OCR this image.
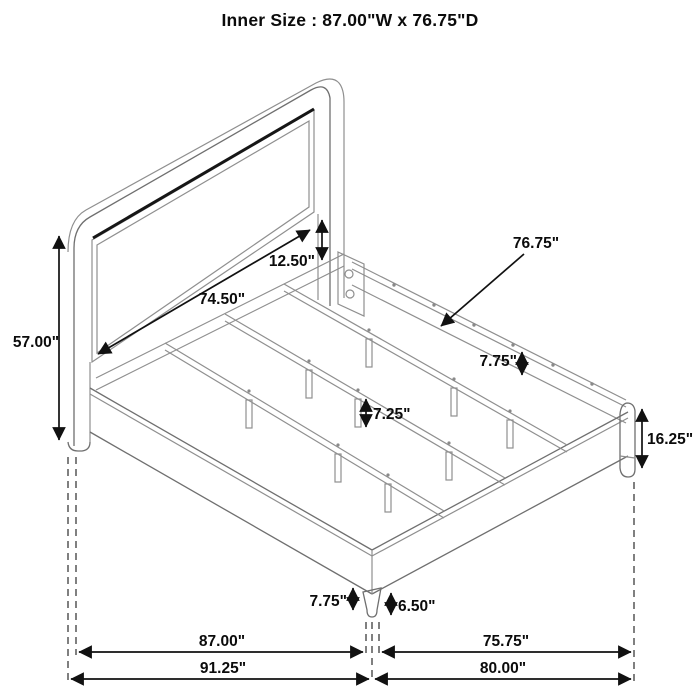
Inner Size : 87.00"W x 76.75"D
57.00"
74.50"
12.50"
76.75"
7.75"
7.25"
16.25"
7.75"	6.50"
87.00"	75.75"
91.25"	80.00"
